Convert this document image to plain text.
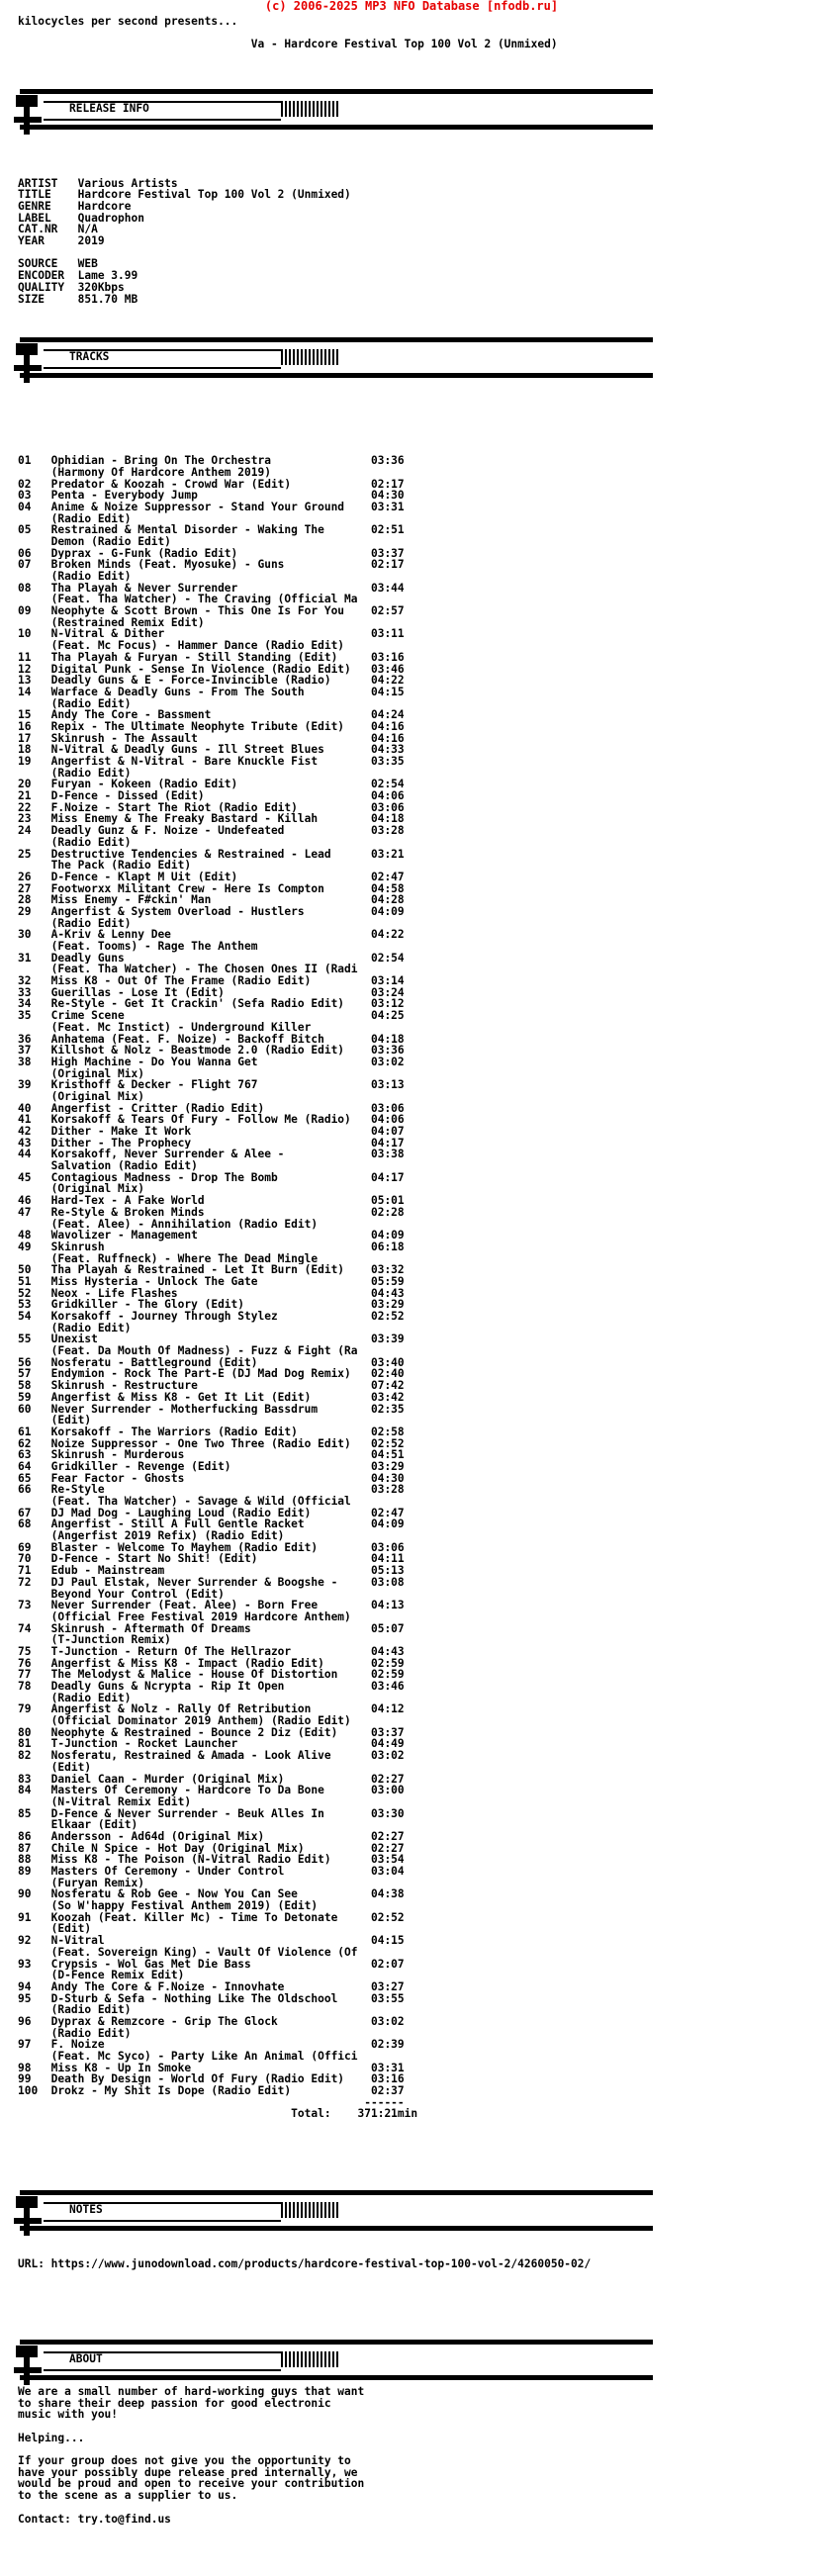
(c) 2006-2025 MP3 NFO Database [nfodb.ru]
RELEASE INFO
TRACKS
NOTES
ABOUT
kilocycles per second presents...
Va - Hardcore Festival Top 100 Vol 2 (Unmixed)
ARTIST   Various Artists
TITLE    Hardcore Festival Top 100 Vol 2 (Unmixed)
GENRE    Hardcore
LABEL    Quadrophon
CAT.NR   N/A
YEAR     2019
SOURCE   WEB
ENCODER  Lame 3.99
QUALITY  320Kbps
SIZE     851.70 MB
01   Ophidian - Bring On The Orchestra               03:36
(Harmony Of Hardcore Anthem 2019)
02   Predator & Koozah - Crowd War (Edit)            02:17
03   Penta - Everybody Jump                          04:30
04   Anime & Noize Suppressor - Stand Your Ground    03:31
(Radio Edit)
05   Restrained & Mental Disorder - Waking The       02:51
Demon (Radio Edit)
06   Dyprax - G-Funk (Radio Edit)                    03:37
07   Broken Minds (Feat. Myosuke) - Guns             02:17
(Radio Edit)
08   Tha Playah & Never Surrender                    03:44
(Feat. Tha Watcher) - The Craving (Official Ma
09   Neophyte & Scott Brown - This One Is For You    02:57
(Restrained Remix Edit)
10   N-Vitral & Dither                               03:11
(Feat. Mc Focus) - Hammer Dance (Radio Edit)
11   Tha Playah & Furyan - Still Standing (Edit)     03:16
12   Digital Punk - Sense In Violence (Radio Edit)   03:46
13   Deadly Guns & E - Force-Invincible (Radio)      04:22
14   Warface & Deadly Guns - From The South          04:15
(Radio Edit)
15   Andy The Core - Bassment                        04:24
16   Repix - The Ultimate Neophyte Tribute (Edit)    04:16
17   Skinrush - The Assault                          04:16
18   N-Vitral & Deadly Guns - Ill Street Blues       04:33
19   Angerfist & N-Vitral - Bare Knuckle Fist        03:35
(Radio Edit)
20   Furyan - Kokeen (Radio Edit)                    02:54
21   D-Fence - Dissed (Edit)                         04:06
22   F.Noize - Start The Riot (Radio Edit)           03:06
23   Miss Enemy & The Freaky Bastard - Killah        04:18
24   Deadly Gunz & F. Noize - Undefeated             03:28
(Radio Edit)
25   Destructive Tendencies & Restrained - Lead      03:21
The Pack (Radio Edit)
26   D-Fence - Klapt M Uit (Edit)                    02:47
27   Footworxx Militant Crew - Here Is Compton       04:58
28   Miss Enemy - F#ckin' Man                        04:28
29   Angerfist & System Overload - Hustlers          04:09
(Radio Edit)
30   A-Kriv & Lenny Dee                              04:22
(Feat. Tooms) - Rage The Anthem
31   Deadly Guns                                     02:54
(Feat. Tha Watcher) - The Chosen Ones II (Radi
32   Miss K8 - Out Of The Frame (Radio Edit)         03:14
33   Guerillas - Lose It (Edit)                      03:24
34   Re-Style - Get It Crackin' (Sefa Radio Edit)    03:12
35   Crime Scene                                     04:25
(Feat. Mc Instict) - Underground Killer
36   Anhatema (Feat. F. Noize) - Backoff Bitch       04:18
37   Killshot & Nolz - Beastmode 2.0 (Radio Edit)    03:36
38   High Machine - Do You Wanna Get                 03:02
(Original Mix)
39   Kristhoff & Decker - Flight 767                 03:13
(Original Mix)
40   Angerfist - Critter (Radio Edit)                03:06
41   Korsakoff & Tears Of Fury - Follow Me (Radio)   04:06
42   Dither - Make It Work                           04:07
43   Dither - The Prophecy                           04:17
44   Korsakoff, Never Surrender & Alee -             03:38
Salvation (Radio Edit)
45   Contagious Madness - Drop The Bomb              04:17
(Original Mix)
46   Hard-Tex - A Fake World                         05:01
47   Re-Style & Broken Minds                         02:28
(Feat. Alee) - Annihilation (Radio Edit)
48   Wavolizer - Management                          04:09
49   Skinrush                                        06:18
(Feat. Ruffneck) - Where The Dead Mingle
50   Tha Playah & Restrained - Let It Burn (Edit)    03:32
51   Miss Hysteria - Unlock The Gate                 05:59
52   Neox - Life Flashes                             04:43
53   Gridkiller - The Glory (Edit)                   03:29
54   Korsakoff - Journey Through Stylez              02:52
(Radio Edit)
55   Unexist                                         03:39
(Feat. Da Mouth Of Madness) - Fuzz & Fight (Ra
56   Nosferatu - Battleground (Edit)                 03:40
57   Endymion - Rock The Part-E (DJ Mad Dog Remix)   02:40
58   Skinrush - Restructure                          07:42
59   Angerfist & Miss K8 - Get It Lit (Edit)         03:42
60   Never Surrender - Motherfucking Bassdrum        02:35
(Edit)
61   Korsakoff - The Warriors (Radio Edit)           02:58
62   Noize Suppressor - One Two Three (Radio Edit)   02:52
63   Skinrush - Murderous                            04:51
64   Gridkiller - Revenge (Edit)                     03:29
65   Fear Factor - Ghosts                            04:30
66   Re-Style                                        03:28
(Feat. Tha Watcher) - Savage & Wild (Official
67   DJ Mad Dog - Laughing Loud (Radio Edit)         02:47
68   Angerfist - Still A Full Gentle Racket          04:09
(Angerfist 2019 Refix) (Radio Edit)
69   Blaster - Welcome To Mayhem (Radio Edit)        03:06
70   D-Fence - Start No Shit! (Edit)                 04:11
71   Edub - Mainstream                               05:13
72   DJ Paul Elstak, Never Surrender & Boogshe -     03:08
Beyond Your Control (Edit)
73   Never Surrender (Feat. Alee) - Born Free        04:13
(Official Free Festival 2019 Hardcore Anthem)
74   Skinrush - Aftermath Of Dreams                  05:07
(T-Junction Remix)
75   T-Junction - Return Of The Hellrazor            04:43
76   Angerfist & Miss K8 - Impact (Radio Edit)       02:59
77   The Melodyst & Malice - House Of Distortion     02:59
78   Deadly Guns & Ncrypta - Rip It Open             03:46
(Radio Edit)
79   Angerfist & Nolz - Rally Of Retribution         04:12
(Official Dominator 2019 Anthem) (Radio Edit)
80   Neophyte & Restrained - Bounce 2 Diz (Edit)     03:37
81   T-Junction - Rocket Launcher                    04:49
82   Nosferatu, Restrained & Amada - Look Alive      03:02
(Edit)
83   Daniel Caan - Murder (Original Mix)             02:27
84   Masters Of Ceremony - Hardcore To Da Bone       03:00
(N-Vitral Remix Edit)
85   D-Fence & Never Surrender - Beuk Alles In       03:30
Elkaar (Edit)
86   Andersson - Ad64d (Original Mix)                02:27
87   Chile N Spice - Hot Day (Original Mix)          02:27
88   Miss K8 - The Poison (N-Vitral Radio Edit)      03:54
89   Masters Of Ceremony - Under Control             03:04
(Furyan Remix)
90   Nosferatu & Rob Gee - Now You Can See           04:38
(So W'happy Festival Anthem 2019) (Edit)
91   Koozah (Feat. Killer Mc) - Time To Detonate     02:52
(Edit)
92   N-Vitral                                        04:15
(Feat. Sovereign King) - Vault Of Violence (Of
93   Crypsis - Wol Gas Met Die Bass                  02:07
(D-Fence Remix Edit)
94   Andy The Core & F.Noize - Innovhate             03:27
95   D-Sturb & Sefa - Nothing Like The Oldschool     03:55
(Radio Edit)
96   Dyprax & Remzcore - Grip The Glock              03:02
(Radio Edit)
97   F. Noize                                        02:39
(Feat. Mc Syco) - Party Like An Animal (Offici
98   Miss K8 - Up In Smoke                           03:31
99   Death By Design - World Of Fury (Radio Edit)    03:16
100  Drokz - My Shit Is Dope (Radio Edit)            02:37
------
Total:    371:21min
URL: https://www.junodownload.com/products/hardcore-festival-top-100-vol-2/4260050-02/
We are a small number of hard-working guys that want
to share their deep passion for good electronic
music with you!
Helping...
If your group does not give you the opportunity to
have your possibly dupe release pred internally, we
would be proud and open to receive your contribution
to the scene as a supplier to us.
Contact: try.to@find.us
